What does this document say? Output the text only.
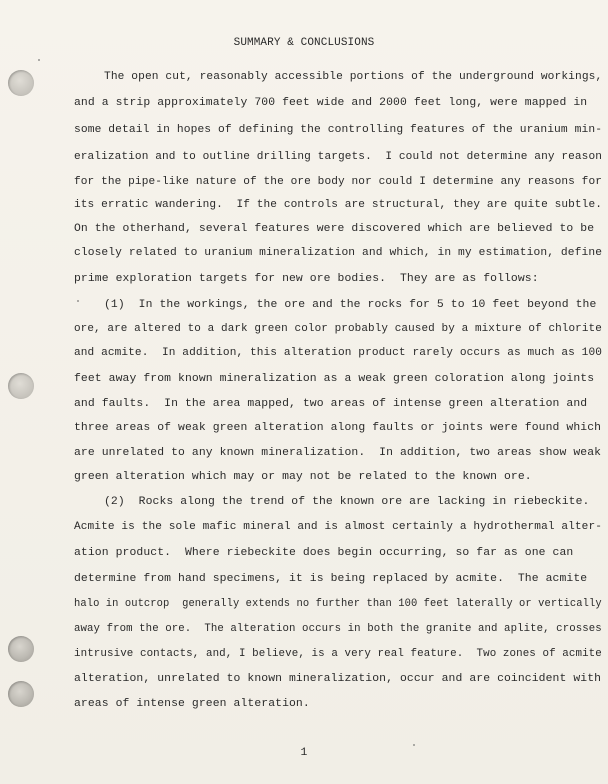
SUMMARY & CONCLUSIONS
The open cut, reasonably accessible portions of the underground workings,
and a strip approximately 700 feet wide and 2000 feet long, were mapped in
some detail in hopes of defining the controlling features of the uranium min-
eralization and to outline drilling targets.  I could not determine any reason
for the pipe-like nature of the ore body nor could I determine any reasons for
its erratic wandering.  If the controls are structural, they are quite subtle.
On the otherhand, several features were discovered which are believed to be
closely related to uranium mineralization and which, in my estimation, define
prime exploration targets for new ore bodies.  They are as follows:
(1)  In the workings, the ore and the rocks for 5 to 10 feet beyond the
ore, are altered to a dark green color probably caused by a mixture of chlorite
and acmite.  In addition, this alteration product rarely occurs as much as 100
feet away from known mineralization as a weak green coloration along joints
and faults.  In the area mapped, two areas of intense green alteration and
three areas of weak green alteration along faults or joints were found which
are unrelated to any known mineralization.  In addition, two areas show weak
green alteration which may or may not be related to the known ore.
(2)  Rocks along the trend of the known ore are lacking in riebeckite.
Acmite is the sole mafic mineral and is almost certainly a hydrothermal alter-
ation product.  Where riebeckite does begin occurring, so far as one can
determine from hand specimens, it is being replaced by acmite.  The acmite
halo in outcrop  generally extends no further than 100 feet laterally or vertically
away from the ore.  The alteration occurs in both the granite and aplite, crosses
intrusive contacts, and, I believe, is a very real feature.  Two zones of acmite
alteration, unrelated to known mineralization, occur and are coincident with
areas of intense green alteration.
1
